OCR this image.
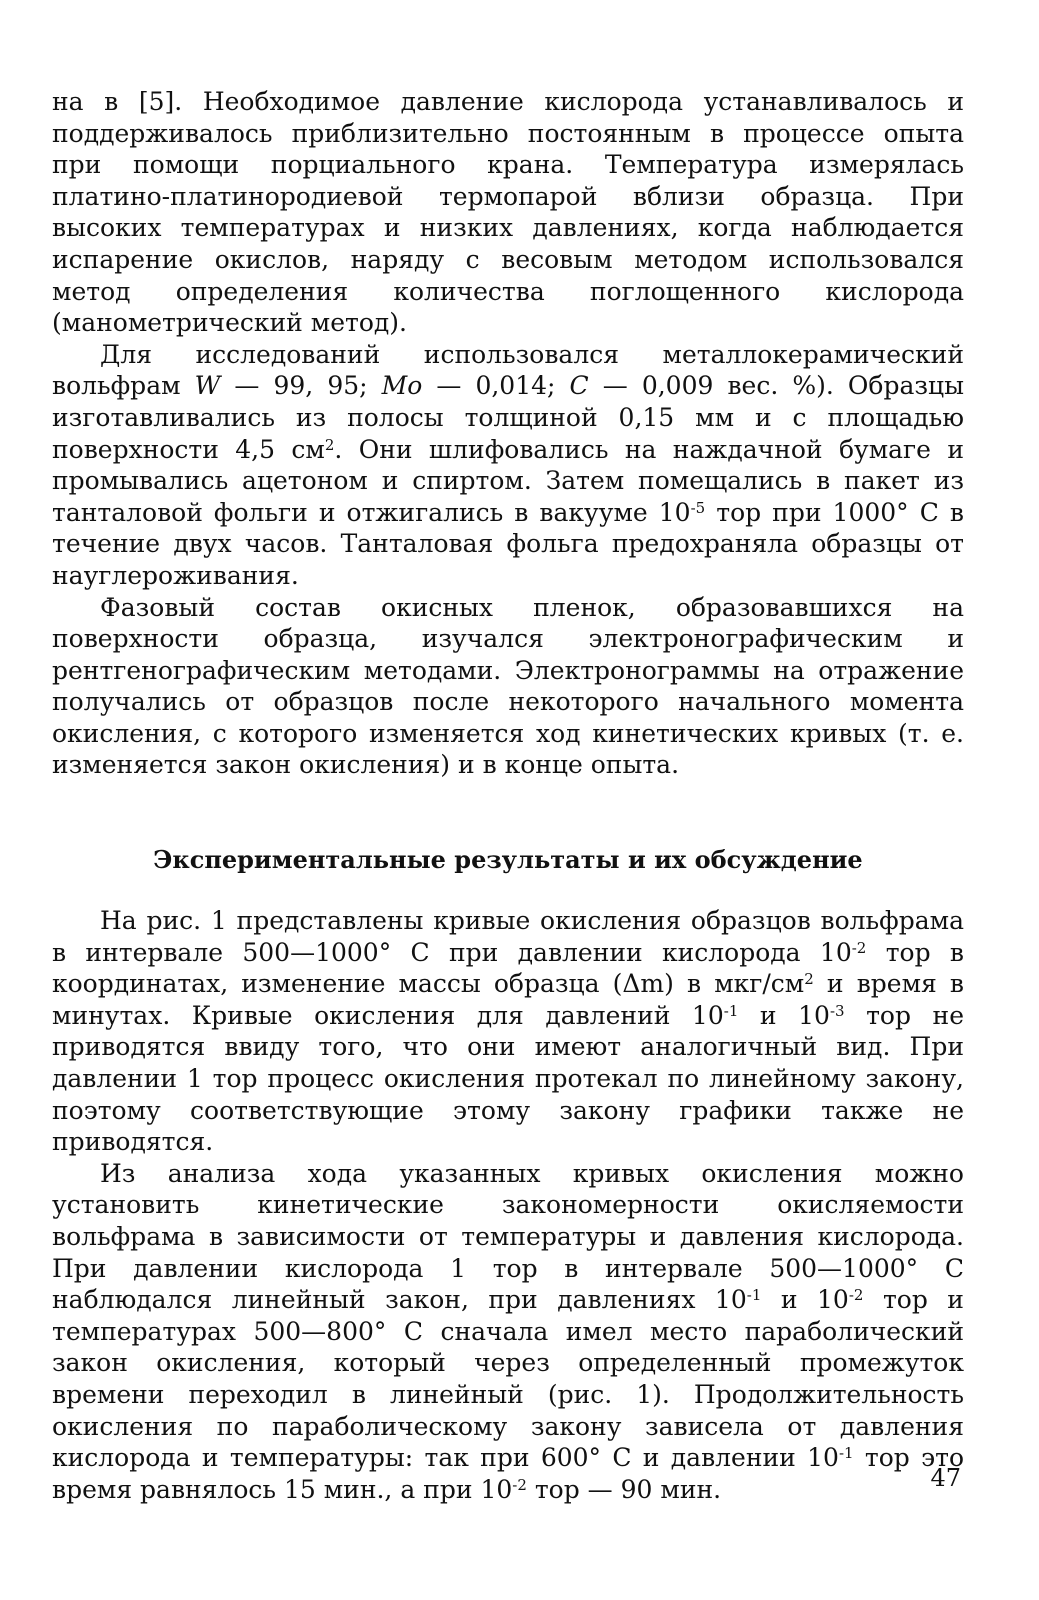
на в [5]. Необходимое давление кислорода устанавливалось и поддерживалось приблизительно постоянным в процессе опыта при помощи порциального крана. Температура измерялась платино-платинородиевой термопарой вблизи образца. При высоких температурах и низких давлениях, когда наблюдается испарение окислов, наряду с весовым методом использовался метод определения количества поглощенного кислорода (манометрический метод).

Для исследований использовался металлокерамический вольфрам W — 99, 95; Mo — 0,014; C — 0,009 вес. %). Образцы изготавливались из полосы толщиной 0,15 мм и с площадью поверхности 4,5 $см^2$. Они шлифовались на наждачной бумаге и промывались ацетоном и спиртом. Затем помещались в пакет из танталовой фольги и отжигались в вакууме $10^{-5}$ тор при 1000° С в течение двух часов. Танталовая фольга предохраняла образцы от науглероживания.

Фазовый состав окисных пленок, образовавшихся на поверхности образца, изучался электронографическим и рентгенографическим методами. Электронограммы на отражение получались от образцов после некоторого начального момента окисления, с которого изменяется ход кинетических кривых (т. е. изменяется закон окисления) и в конце опыта.

Экспериментальные результаты и их обсуждение

На рис. 1 представлены кривые окисления образцов вольфрама в интервале 500—1000° С при давлении кислорода $10^{-2}$ тор в координатах, изменение массы образца (Δm) в мкг/$см^2$ и время в минутах. Кривые окисления для давлений $10^{-1}$ и $10^{-3}$ тор не приводятся ввиду того, что они имеют аналогичный вид. При давлении 1 тор процесс окисления протекал по линейному закону, поэтому соответствующие этому закону графики также не приводятся.

Из анализа хода указанных кривых окисления можно установить кинетические закономерности окисляемости вольфрама в зависимости от температуры и давления кислорода. При давлении кислорода 1 тор в интервале 500—1000° С наблюдался линейный закон, при давлениях $10^{-1}$ и $10^{-2}$ тор и температурах 500—800° С сначала имел место параболический закон окисления, который через определенный промежуток времени переходил в линейный (рис. 1). Продолжительность окисления по параболическому закону зависела от давления кислорода и температуры: так при 600° С и давлении $10^{-1}$ тор это время равнялось 15 мин., а при $10^{-2}$ тор — 90 мин.	47
